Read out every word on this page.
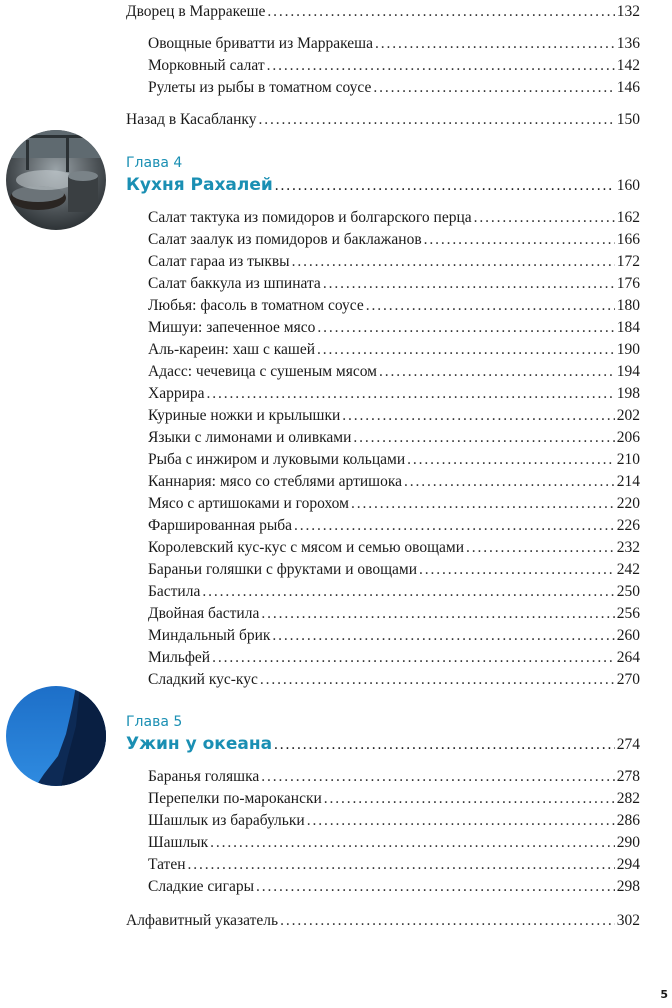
Дворец в Марракеше . . .	132
Овощные бриватти из Марракеша . . .	136
Морковный салат . . .	142
Рулеты из рыбы в томатном соусе . . .	146
Назад в Касабланку . . .	150
Глава 4
Кухня Рахалей . . .	160
Салат тактука из помидоров и болгарского перца . . .	162
Салат заалук из помидоров и баклажанов . . .	166
Салат гараа из тыквы . . .	172
Салат баккула из шпината . . .	176
Любья: фасоль в томатном соусе . . .	180
Мишуи: запеченное мясо . . .	184
Аль-кареин: хаш с кашей . . .	190
Адасс: чечевица с сушеным мясом . . .	194
Харрира . . .	198
Куриные ножки и крылышки . . .	202
Языки с лимонами и оливками . . .	206
Рыба с инжиром и луковыми кольцами . . .	210
Каннария: мясо со стеблями артишока . . .	214
Мясо с артишоками и горохом . . .	220
Фаршированная рыба . . .	226
Королевский кус-кус с мясом и семью овощами . . .	232
Бараньи голяшки с фруктами и овощами . . .	242
Бастила . . .	250
Двойная бастила . . .	256
Миндальный брик . . .	260
Мильфей . . .	264
Сладкий кус-кус . . .	270
Глава 5
Ужин у океана . . .	274
Баранья голяшка . . .	278
Перепелки по-марокански . . .	282
Шашлык из барабульки . . .	286
Шашлык . . .	290
Татен . . .	294
Сладкие сигары . . .	298
Алфавитный указатель . . .	302
5
